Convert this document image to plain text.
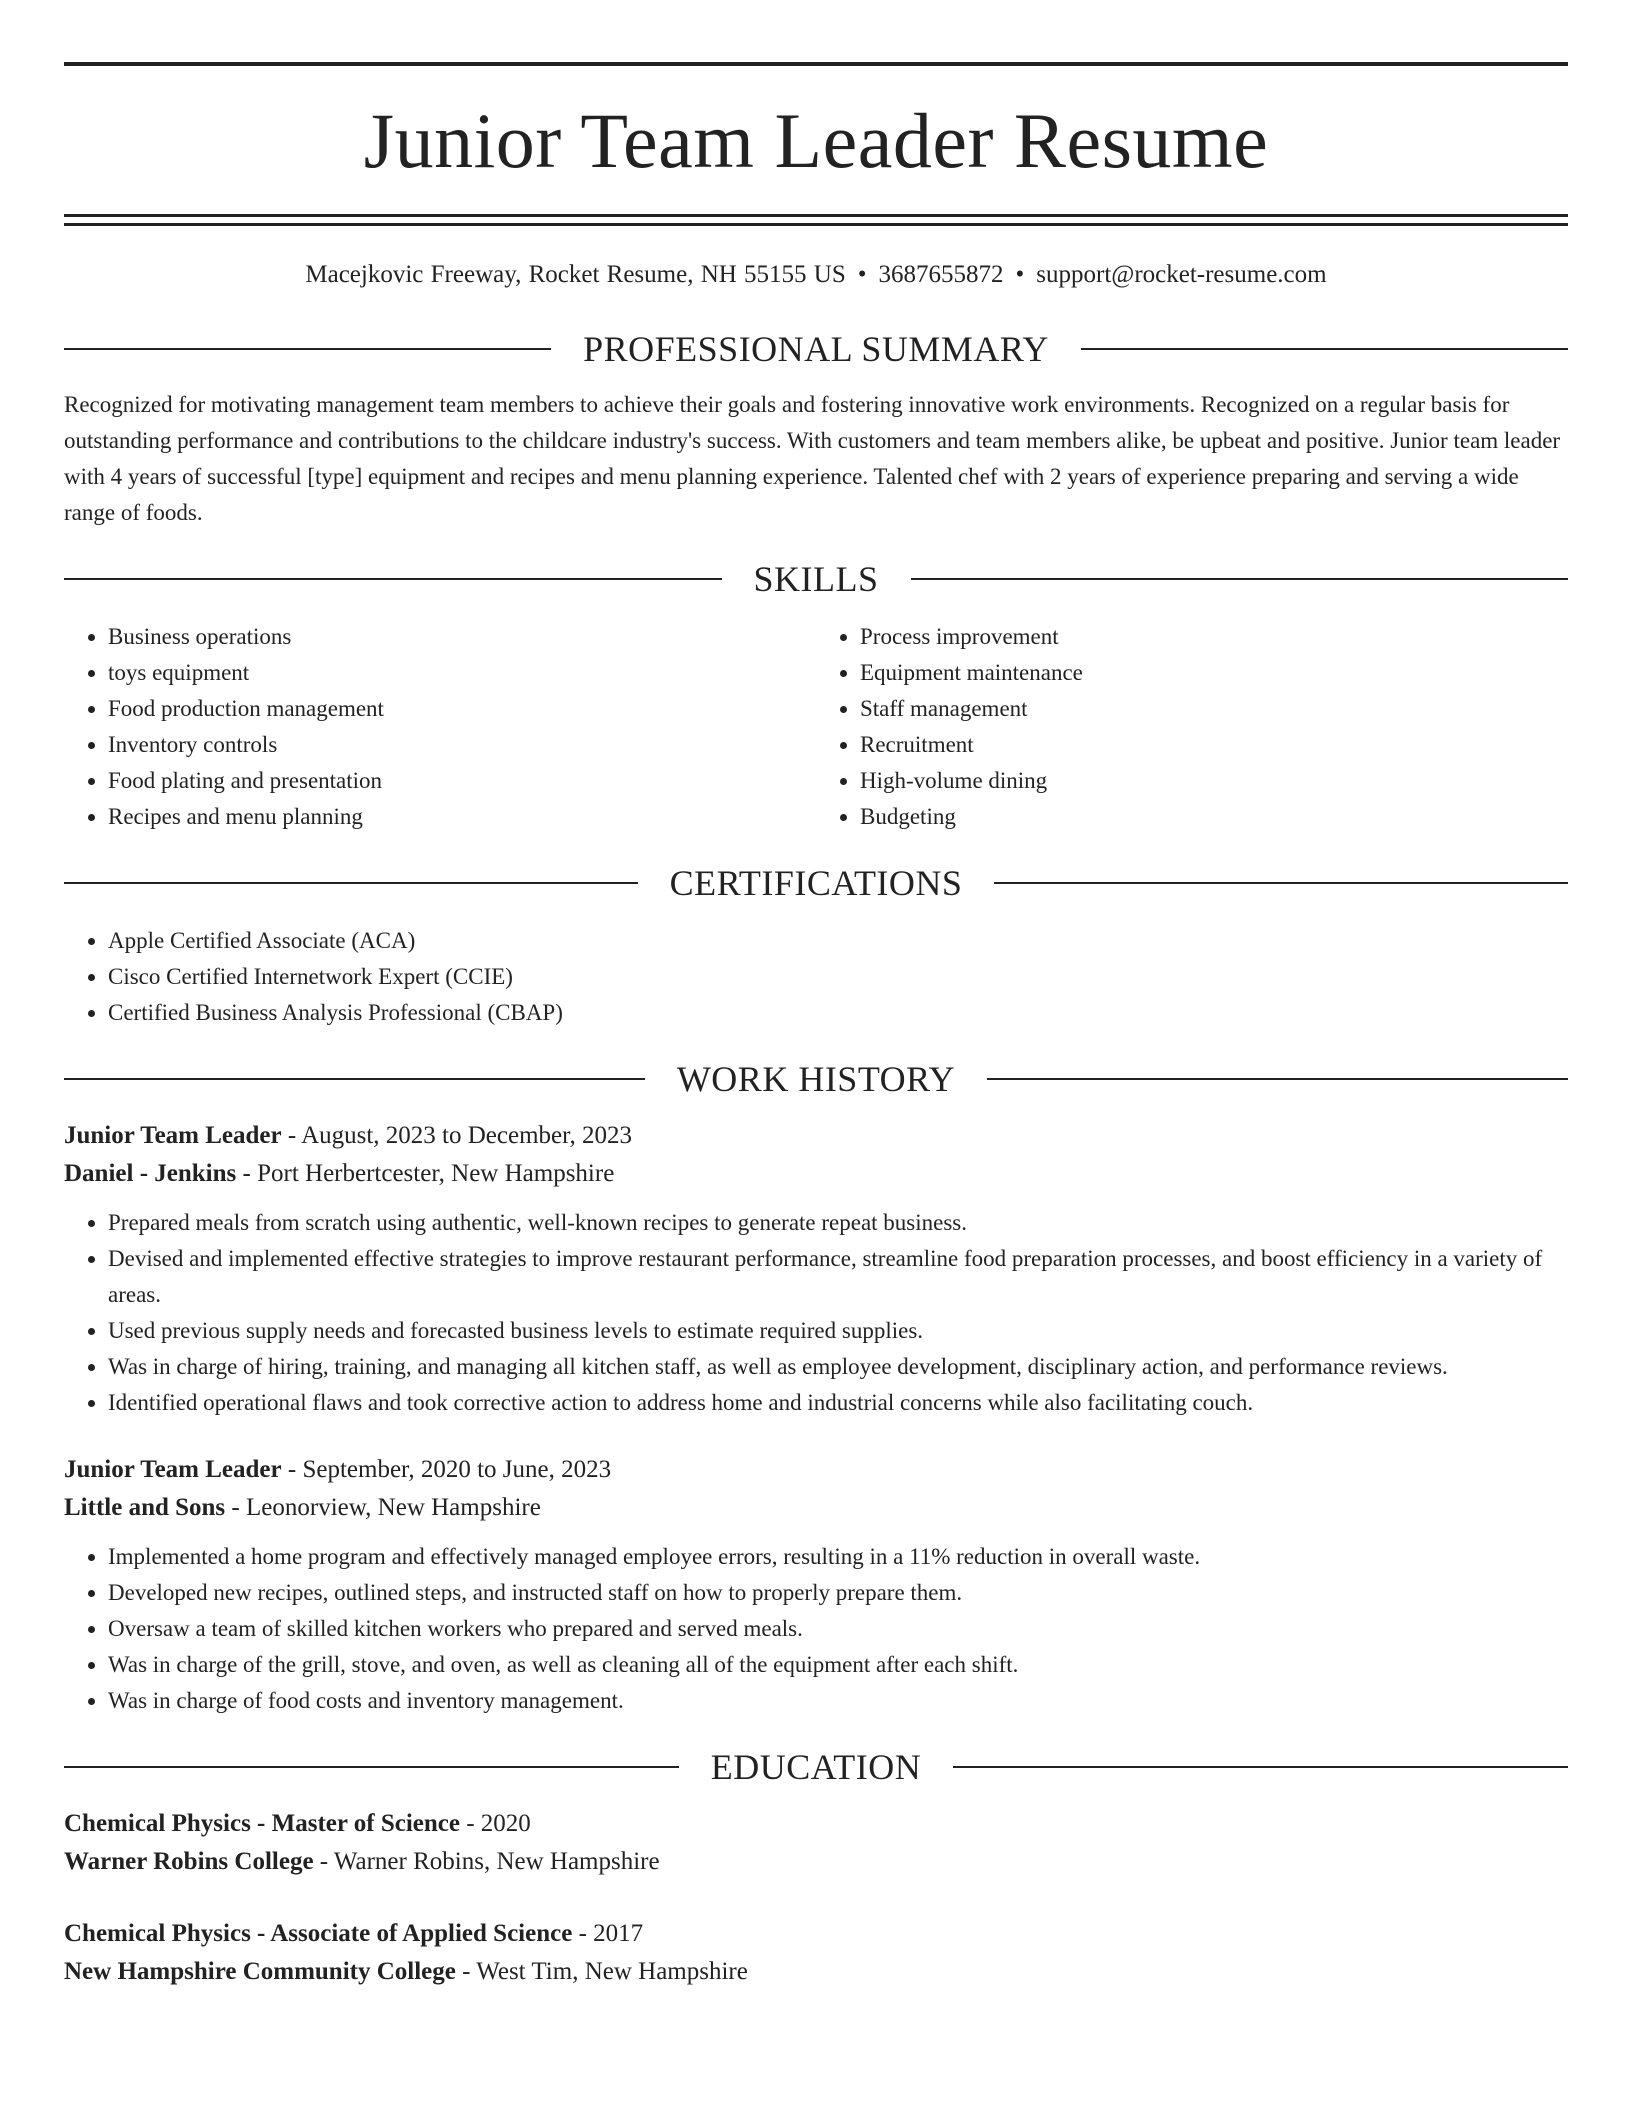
Junior Team Leader Resume
Macejkovic Freeway, Rocket Resume, NH 55155 US • 3687655872 • support@rocket-resume.com
PROFESSIONAL SUMMARY

Recognized for motivating management team members to achieve their goals and fostering innovative work environments. Recognized on a regular basis for outstanding performance and contributions to the childcare industry's success. With customers and team members alike, be upbeat and positive. Junior team leader with 4 years of successful [type] equipment and recipes and menu planning experience. Talented chef with 2 years of experience preparing and serving a wide range of foods.

SKILLS
• Business operations
• toys equipment
• Food production management
• Inventory controls
• Food plating and presentation
• Recipes and menu planning
• Process improvement
• Equipment maintenance
• Staff management
• Recruitment
• High-volume dining
• Budgeting
CERTIFICATIONS
• Apple Certified Associate (ACA)
• Cisco Certified Internetwork Expert (CCIE)
• Certified Business Analysis Professional (CBAP)
WORK HISTORY
Junior Team Leader - August, 2023 to December, 2023
Daniel - Jenkins - Port Herbertcester, New Hampshire
• Prepared meals from scratch using authentic, well-known recipes to generate repeat business.
• Devised and implemented effective strategies to improve restaurant performance, streamline food preparation processes, and boost efficiency in a variety of areas.
• Used previous supply needs and forecasted business levels to estimate required supplies.
• Was in charge of hiring, training, and managing all kitchen staff, as well as employee development, disciplinary action, and performance reviews.
• Identified operational flaws and took corrective action to address home and industrial concerns while also facilitating couch.
Junior Team Leader - September, 2020 to June, 2023
Little and Sons - Leonorview, New Hampshire
• Implemented a home program and effectively managed employee errors, resulting in a 11% reduction in overall waste.
• Developed new recipes, outlined steps, and instructed staff on how to properly prepare them.
• Oversaw a team of skilled kitchen workers who prepared and served meals.
• Was in charge of the grill, stove, and oven, as well as cleaning all of the equipment after each shift.
• Was in charge of food costs and inventory management.
EDUCATION
Chemical Physics - Master of Science - 2020
Warner Robins College - Warner Robins, New Hampshire
Chemical Physics - Associate of Applied Science - 2017
New Hampshire Community College - West Tim, New Hampshire
